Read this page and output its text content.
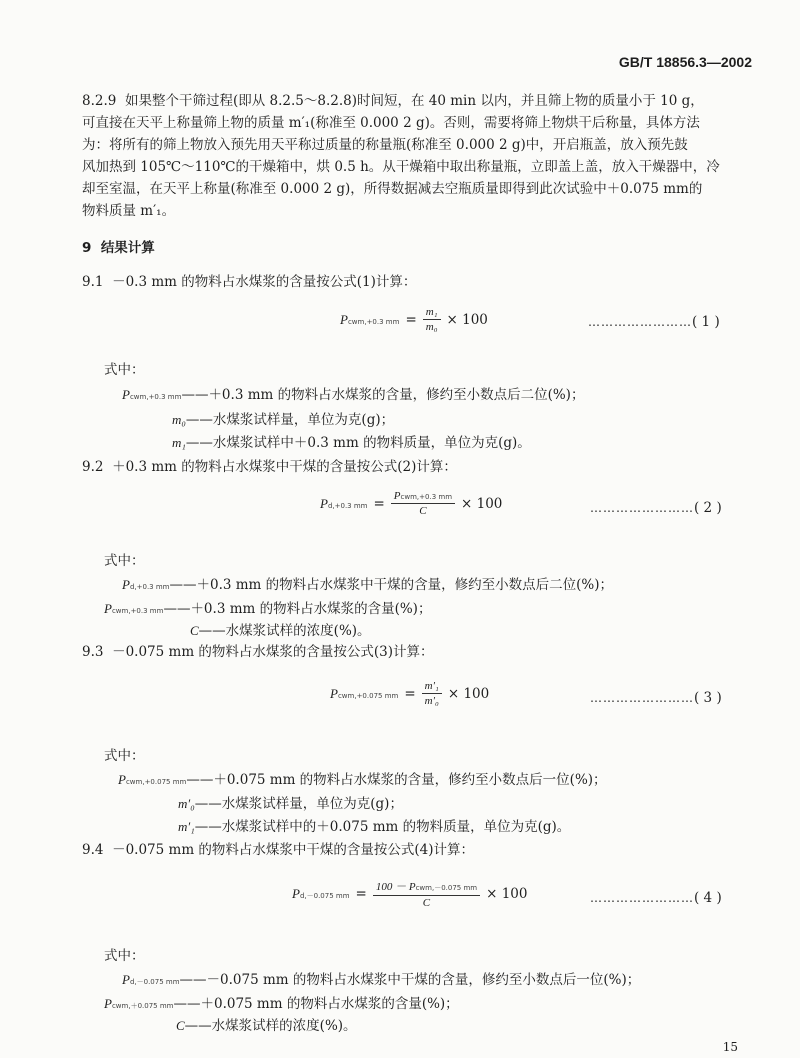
GB/T 18856.3—2002
8.2.9 如果整个干筛过程(即从 8.2.5～8.2.8)时间短，在 40 min 以内，并且筛上物的质量小于 10 g，
可直接在天平上称量筛上物的质量 m′₁(称准至 0.000 2 g)。否则，需要将筛上物烘干后称量，具体方法
为：将所有的筛上物放入预先用天平称过质量的称量瓶(称准至 0.000 2 g)中，开启瓶盖，放入预先鼓
风加热到 105℃～110℃的干燥箱中，烘 0.5 h。从干燥箱中取出称量瓶，立即盖上盖，放入干燥器中，冷
却至室温，在天平上称量(称准至 0.000 2 g)，所得数据减去空瓶质量即得到此次试验中＋0.075 mm的
物料质量 m′₁。
9 结果计算
9.1 －0.3 mm 的物料占水煤浆的含量按公式(1)计算：
Pcwm,+0.3 mm = $\frac{\text{m₁}}{\text{m₀}} \times 100$	……………………( 1 )
式中：
Pcwm,+0.3 mm——＋0.3 mm 的物料占水煤浆的含量，修约至小数点后二位(%)；
m₀——水煤浆试样量，单位为克(g)；
m₁——水煤浆试样中＋0.3 mm 的物料质量，单位为克(g)。
9.2 ＋0.3 mm 的物料占水煤浆中干煤的含量按公式(2)计算：
Pd,+0.3 mm = $\frac{\text{Pcwm,+0.3 mm}}{C} \times 100$	……………………( 2 )
式中：
Pd,+0.3 mm——＋0.3 mm 的物料占水煤浆中干煤的含量，修约至小数点后二位(%)；
Pcwm,+0.3 mm——＋0.3 mm 的物料占水煤浆的含量(%)；
C——水煤浆试样的浓度(%)。
9.3 －0.075 mm 的物料占水煤浆的含量按公式(3)计算：
Pcwm,+0.075 mm = $\frac{\text{m′₁}}{\text{m′₀}} \times 100$	……………………( 3 )
式中：
Pcwm,+0.075 mm——＋0.075 mm 的物料占水煤浆的含量，修约至小数点后一位(%)；
m′₀——水煤浆试样量，单位为克(g)；
m′₁——水煤浆试样中的＋0.075 mm 的物料质量，单位为克(g)。
9.4 －0.075 mm 的物料占水煤浆中干煤的含量按公式(4)计算：
Pd,－0.075 mm = $\frac{\text{100 － Pcwm,－0.075 mm}}{C} \times 100$	……………………( 4 )
式中：
Pd,－0.075 mm——－0.075 mm 的物料占水煤浆中干煤的含量，修约至小数点后一位(%)；
Pcwm,＋0.075 mm——＋0.075 mm 的物料占水煤浆的含量(%)；
C——水煤浆试样的浓度(%)。
15
